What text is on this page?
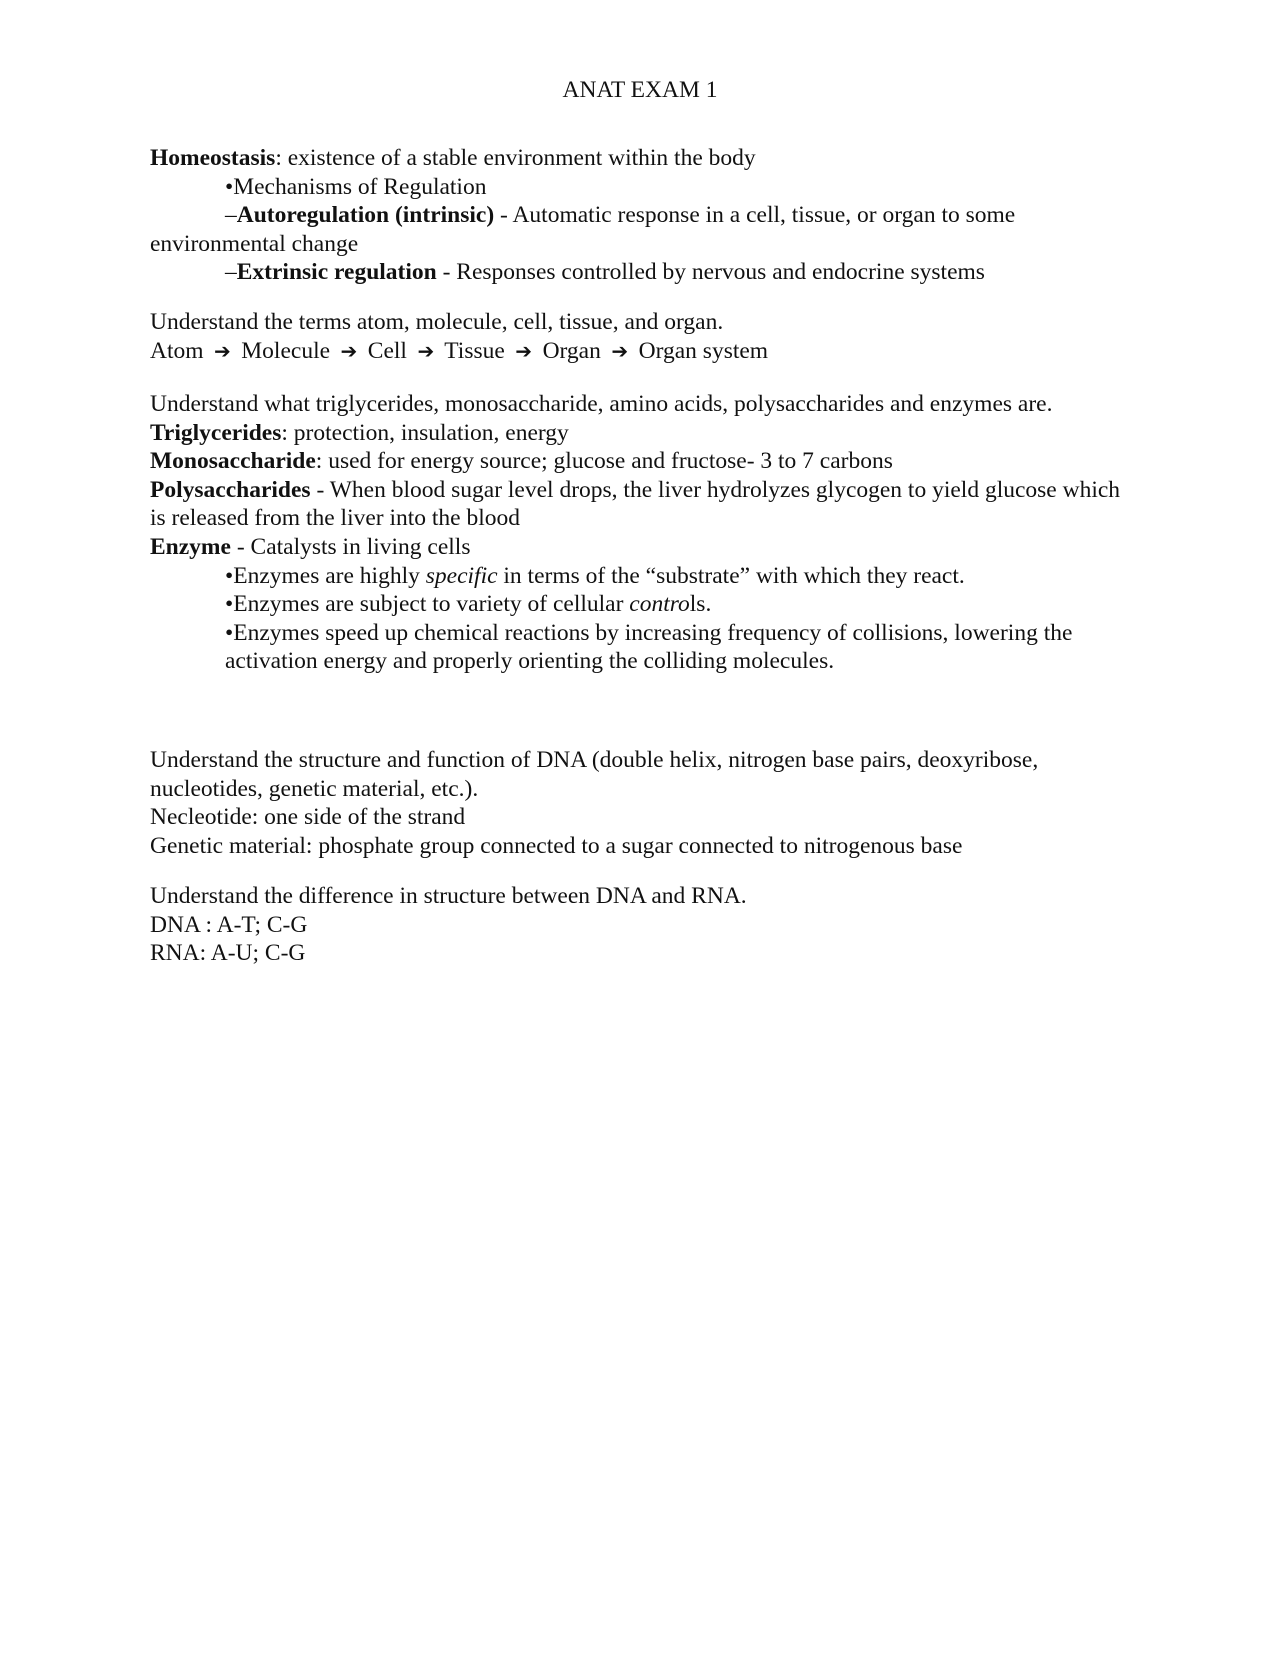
ANAT EXAM 1
Homeostasis: existence of a stable environment within the body
•Mechanisms of Regulation
–Autoregulation (intrinsic) - Automatic response in a cell, tissue, or organ to some environmental change
–Extrinsic regulation - Responses controlled by nervous and endocrine systems
Understand the terms atom, molecule, cell, tissue, and organ.
Atom ➔ Molecule ➔ Cell ➔ Tissue ➔ Organ ➔ Organ system
Understand what triglycerides, monosaccharide, amino acids, polysaccharides and enzymes are.
Triglycerides: protection, insulation, energy
Monosaccharide: used for energy source; glucose and fructose- 3 to 7 carbons
Polysaccharides - When blood sugar level drops, the liver hydrolyzes glycogen to yield glucose which is released from the liver into the blood
Enzyme - Catalysts in living cells
•Enzymes are highly specific in terms of the “substrate” with which they react.
•Enzymes are subject to variety of cellular controls.
•Enzymes speed up chemical reactions by increasing frequency of collisions, lowering the activation energy and properly orienting the colliding molecules.
Understand the structure and function of DNA (double helix, nitrogen base pairs, deoxyribose, nucleotides, genetic material, etc.).
Necleotide: one side of the strand
Genetic material: phosphate group connected to a sugar connected to nitrogenous base
Understand the difference in structure between DNA and RNA.
DNA : A-T; C-G
RNA: A-U; C-G
